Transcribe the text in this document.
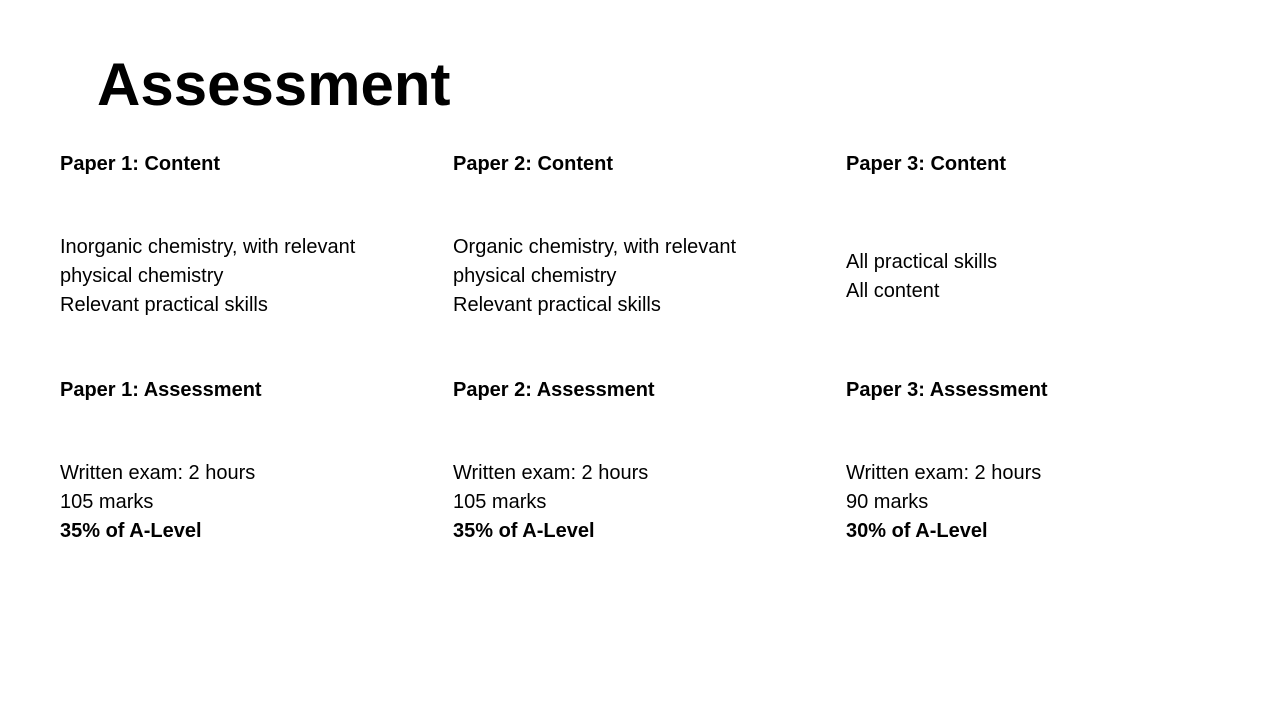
Assessment

Paper 1: Content

Inorganic chemistry, with relevant
physical chemistry
Relevant practical skills

Paper 1: Assessment

Written exam: 2 hours
105 marks
35% of A-Level

Paper 2: Content

Organic chemistry, with relevant
physical chemistry
Relevant practical skills

Paper 2: Assessment

Written exam: 2 hours
105 marks
35% of A-Level

Paper 3: Content

All practical skills
All content

Paper 3: Assessment

Written exam: 2 hours
90 marks
30% of A-Level
